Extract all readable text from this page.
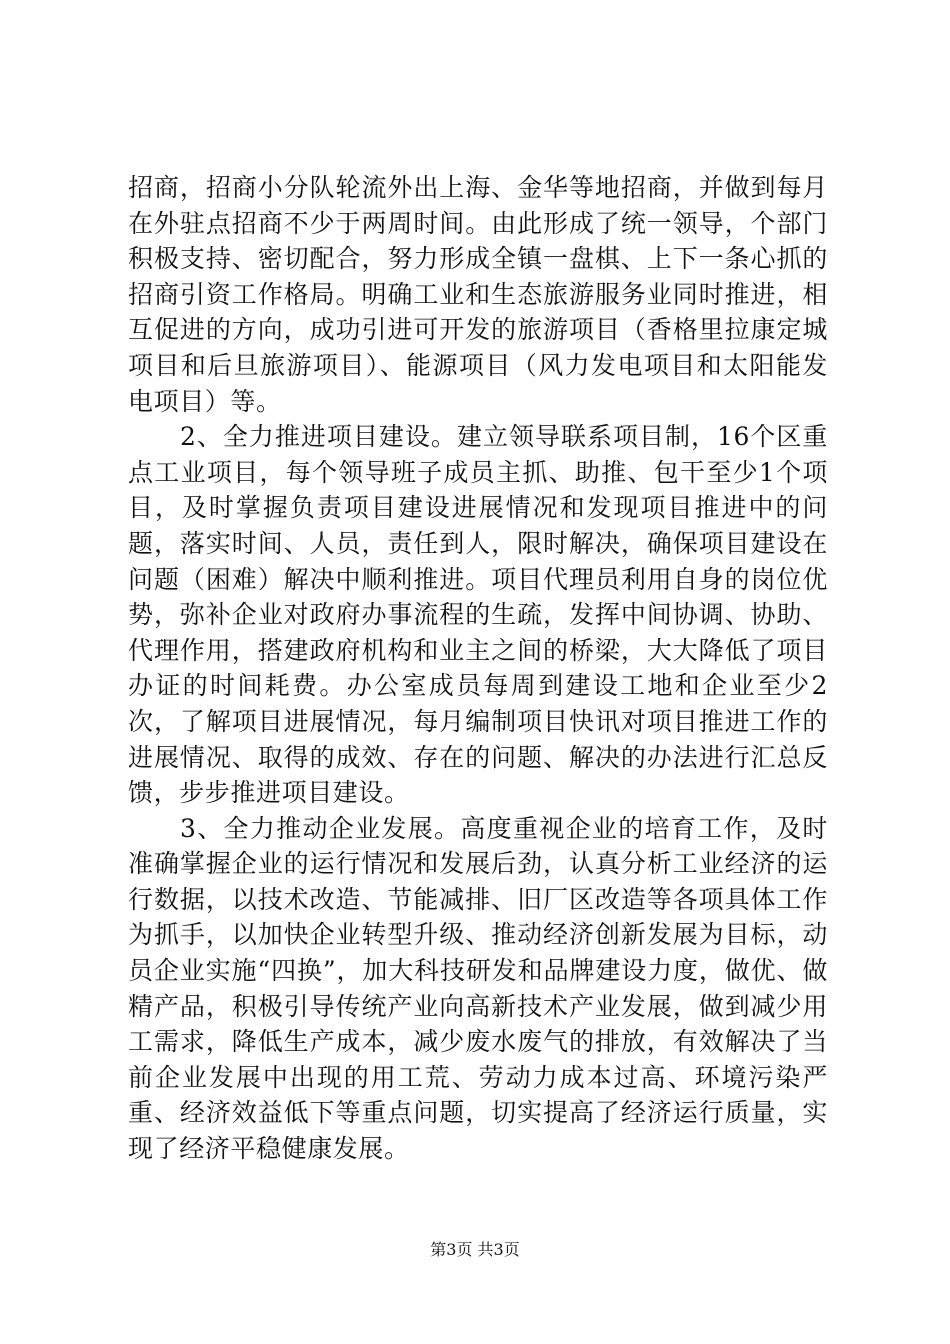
招商，招商小分队轮流外出上海、金华等地招商，并做到每月在外驻点招商不少于两周时间。由此形成了统一领导，个部门积极支持、密切配合，努力形成全镇一盘棋、上下一条心抓的招商引资工作格局。明确工业和生态旅游服务业同时推进，相互促进的方向，成功引进可开发的旅游项目（香格里拉康定城项目和后旦旅游项目）、能源项目（风力发电项目和太阳能发电项目）等。

2、全力推进项目建设。建立领导联系项目制，16个区重点工业项目，每个领导班子成员主抓、助推、包干至少1个项目，及时掌握负责项目建设进展情况和发现项目推进中的问题，落实时间、人员，责任到人，限时解决，确保项目建设在问题（困难）解决中顺利推进。项目代理员利用自身的岗位优势，弥补企业对政府办事流程的生疏，发挥中间协调、协助、代理作用，搭建政府机构和业主之间的桥梁，大大降低了项目办证的时间耗费。办公室成员每周到建设工地和企业至少2次，了解项目进展情况，每月编制项目快讯对项目推进工作的进展情况、取得的成效、存在的问题、解决的办法进行汇总反馈，步步推进项目建设。

3、全力推动企业发展。高度重视企业的培育工作，及时准确掌握企业的运行情况和发展后劲，认真分析工业经济的运行数据，以技术改造、节能减排、旧厂区改造等各项具体工作为抓手，以加快企业转型升级、推动经济创新发展为目标，动员企业实施“四换”，加大科技研发和品牌建设力度，做优、做精产品，积极引导传统产业向高新技术产业发展，做到减少用工需求，降低生产成本，减少废水废气的排放，有效解决了当前企业发展中出现的用工荒、劳动力成本过高、环境污染严重、经济效益低下等重点问题，切实提高了经济运行质量，实现了经济平稳健康发展。

第3页 共3页
